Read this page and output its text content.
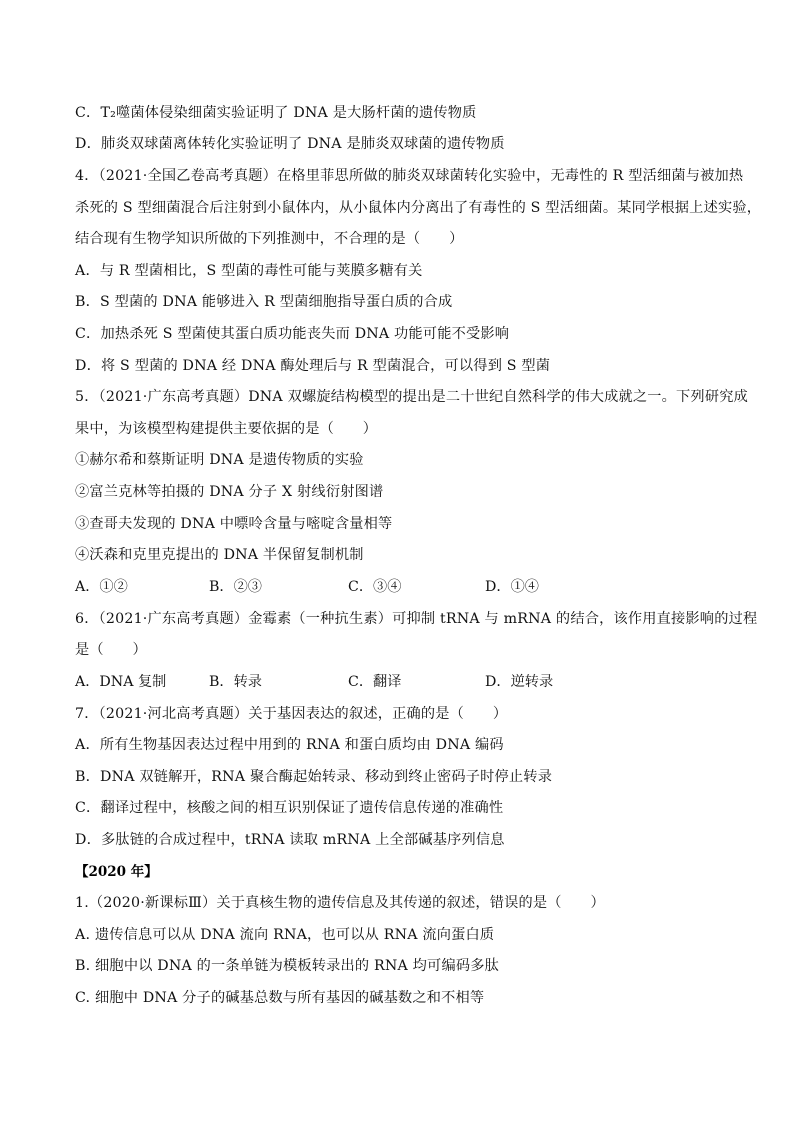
C．T₂噬菌体侵染细菌实验证明了 DNA 是大肠杆菌的遗传物质
D．肺炎双球菌离体转化实验证明了 DNA 是肺炎双球菌的遗传物质
4．（2021·全国乙卷高考真题）在格里菲思所做的肺炎双球菌转化实验中，无毒性的 R 型活细菌与被加热
杀死的 S 型细菌混合后注射到小鼠体内，从小鼠体内分离出了有毒性的 S 型活细菌。某同学根据上述实验，
结合现有生物学知识所做的下列推测中，不合理的是（　　）
A．与 R 型菌相比，S 型菌的毒性可能与荚膜多糖有关
B．S 型菌的 DNA 能够进入 R 型菌细胞指导蛋白质的合成
C．加热杀死 S 型菌使其蛋白质功能丧失而 DNA 功能可能不受影响
D．将 S 型菌的 DNA 经 DNA 酶处理后与 R 型菌混合，可以得到 S 型菌
5．（2021·广东高考真题）DNA 双螺旋结构模型的提出是二十世纪自然科学的伟大成就之一。下列研究成
果中，为该模型构建提供主要依据的是（　　）
①赫尔希和蔡斯证明 DNA 是遗传物质的实验
②富兰克林等拍摄的 DNA 分子 X 射线衍射图谱
③查哥夫发现的 DNA 中嘌呤含量与嘧啶含量相等
④沃森和克里克提出的 DNA 半保留复制机制
A．①②	B．②③	C．③④	D．①④
6．（2021·广东高考真题）金霉素（一种抗生素）可抑制 tRNA 与 mRNA 的结合，该作用直接影响的过程
是（　　）
A．DNA 复制	B．转录	C．翻译	D．逆转录
7．（2021·河北高考真题）关于基因表达的叙述，正确的是（　　）
A．所有生物基因表达过程中用到的 RNA 和蛋白质均由 DNA 编码
B．DNA 双链解开，RNA 聚合酶起始转录、移动到终止密码子时停止转录
C．翻译过程中，核酸之间的相互识别保证了遗传信息传递的准确性
D．多肽链的合成过程中，tRNA 读取 mRNA 上全部碱基序列信息
【2020 年】
1.（2020·新课标Ⅲ）关于真核生物的遗传信息及其传递的叙述，错误的是（　　）
A. 遗传信息可以从 DNA 流向 RNA，也可以从 RNA 流向蛋白质
B. 细胞中以 DNA 的一条单链为模板转录出的 RNA 均可编码多肽
C. 细胞中 DNA 分子的碱基总数与所有基因的碱基数之和不相等
